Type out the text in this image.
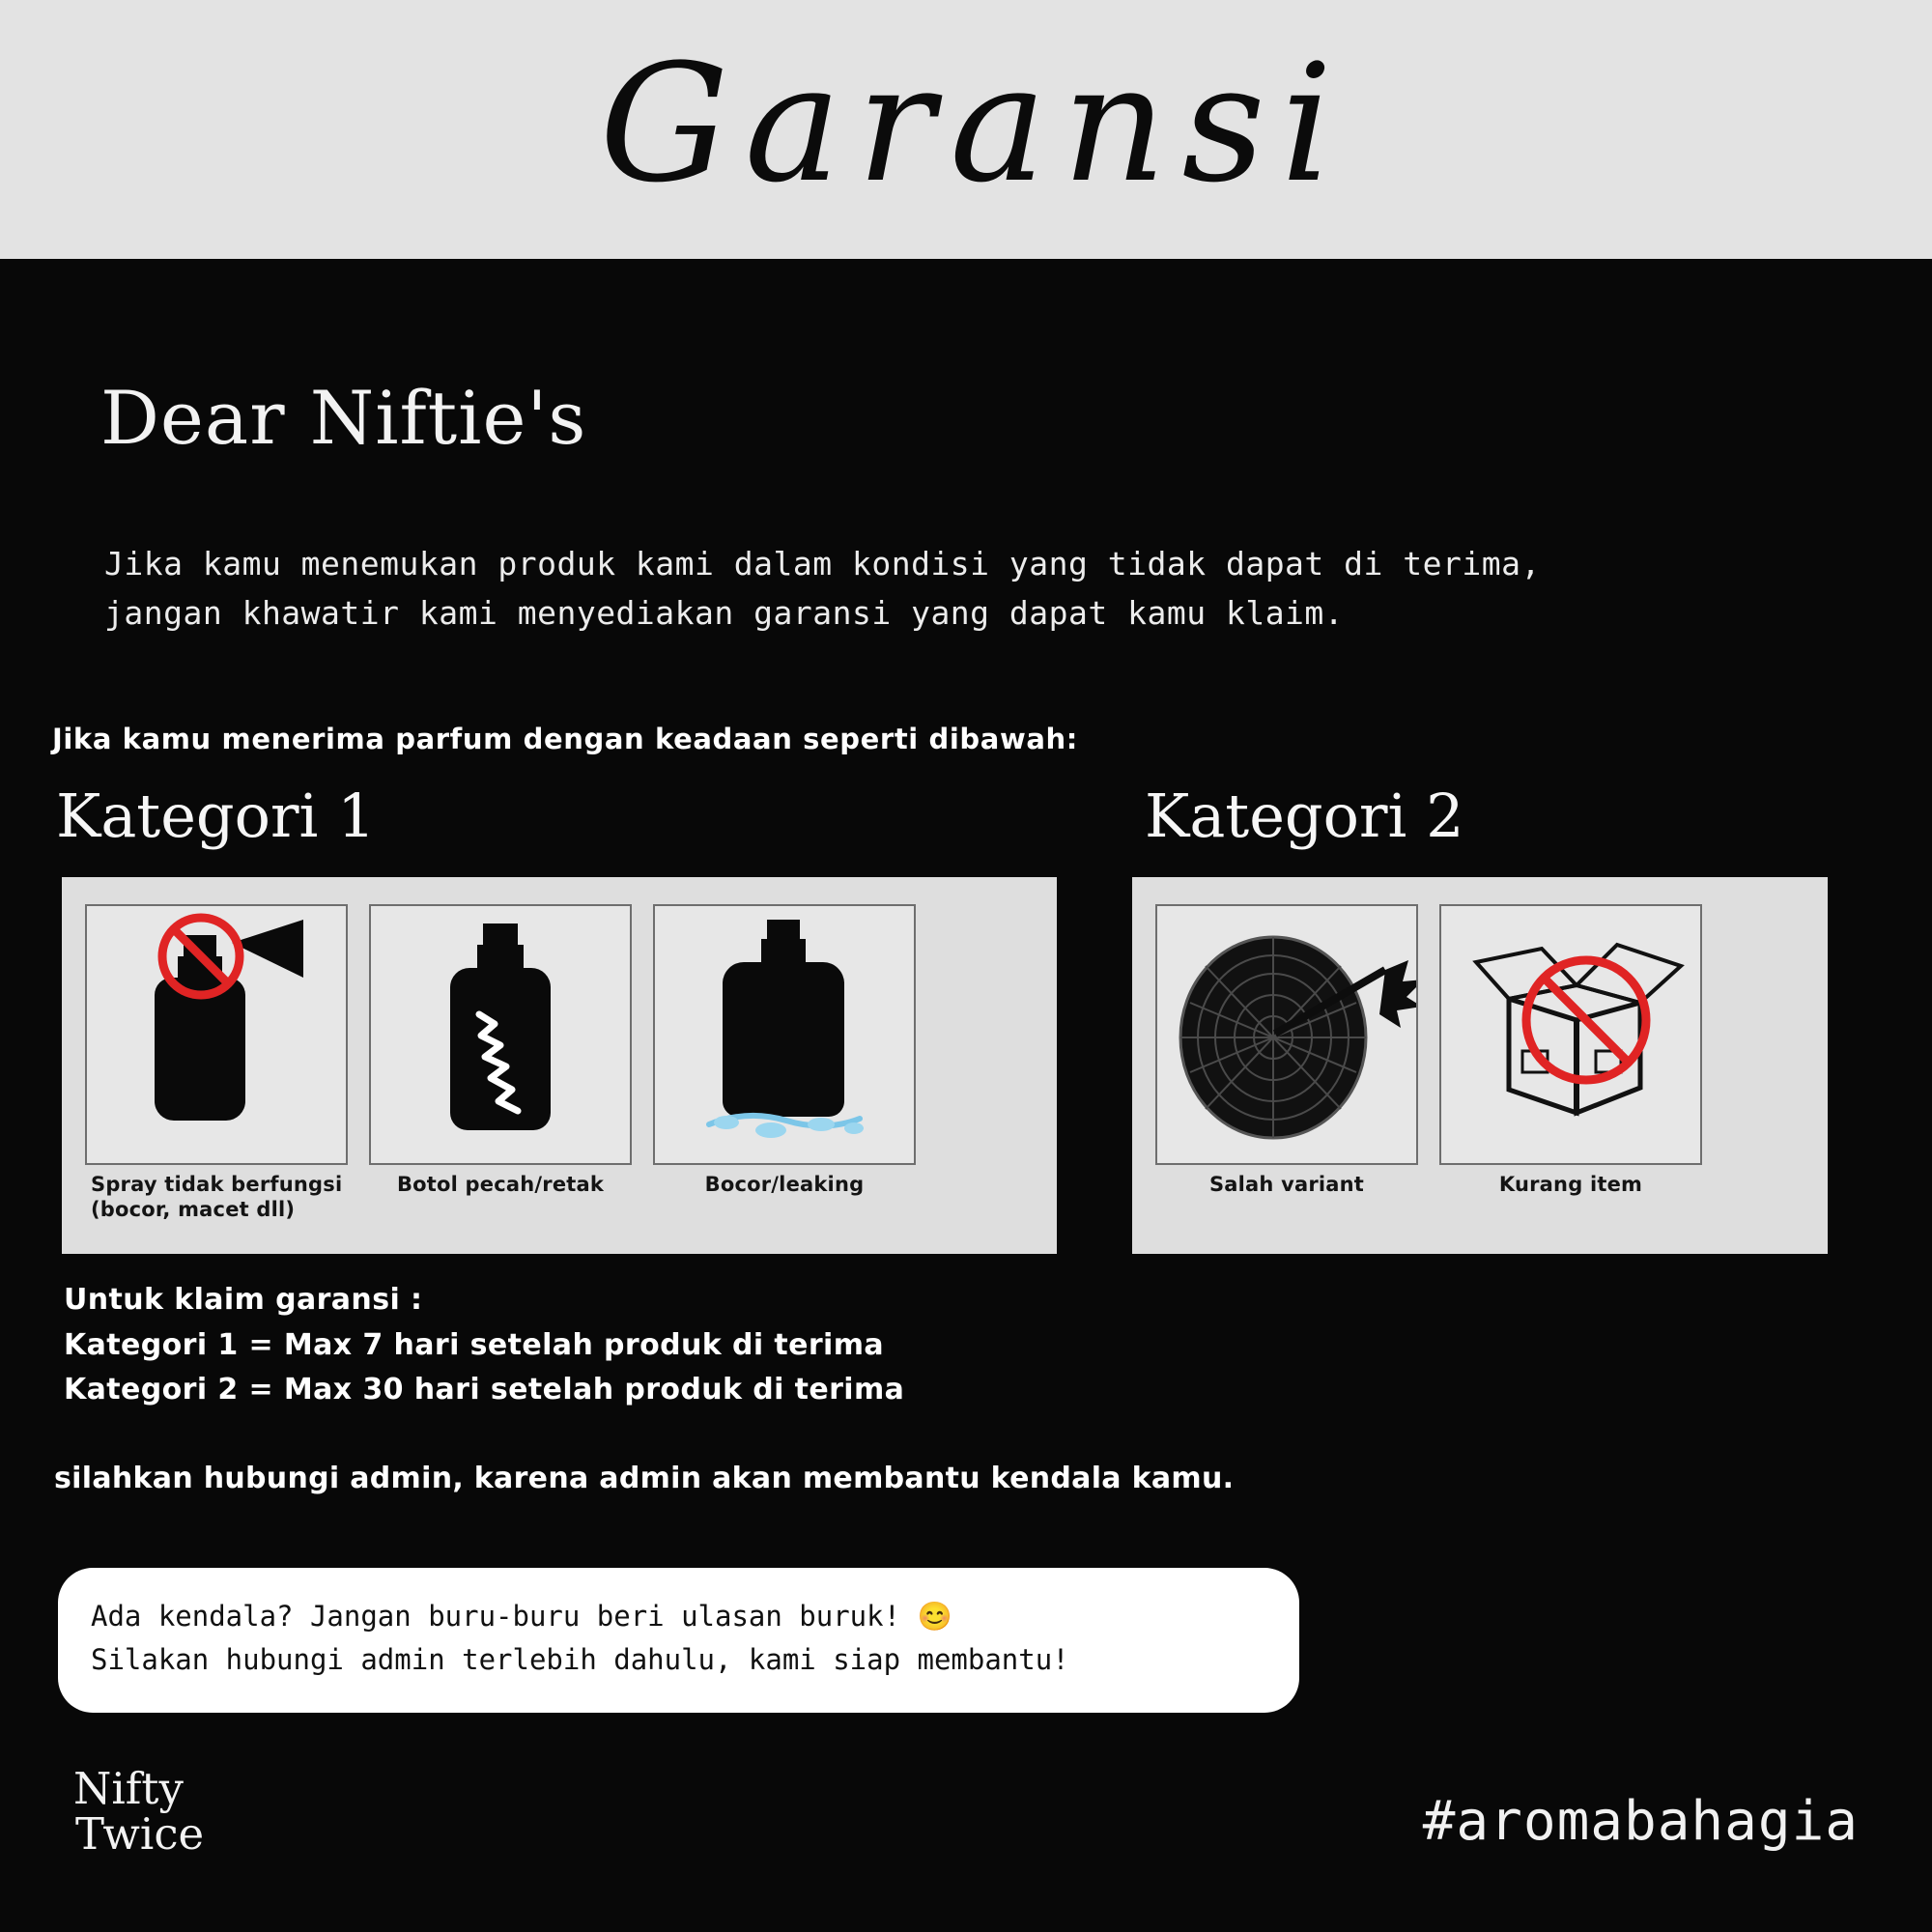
Garansi
Dear Niftie's
Jika kamu menemukan produk kami dalam kondisi yang tidak dapat di terima,
jangan khawatir kami menyediakan garansi yang dapat kamu klaim.
Jika kamu menerima parfum dengan keadaan seperti dibawah:
Kategori 1	Kategori 2
Spray tidak berfungsi
(bocor, macet dll)
Botol pecah/retak	Bocor/leaking	Salah variant	Kurang item
Untuk klaim garansi :
Kategori 1 = Max 7 hari setelah produk di terima
Kategori 2 = Max 30 hari setelah produk di terima
silahkan hubungi admin, karena admin akan membantu kendala kamu.
Ada kendala? Jangan buru-buru beri ulasan buruk! 😊
Silakan hubungi admin terlebih dahulu, kami siap membantu!
Nifty
Twice	#aromabahagia
